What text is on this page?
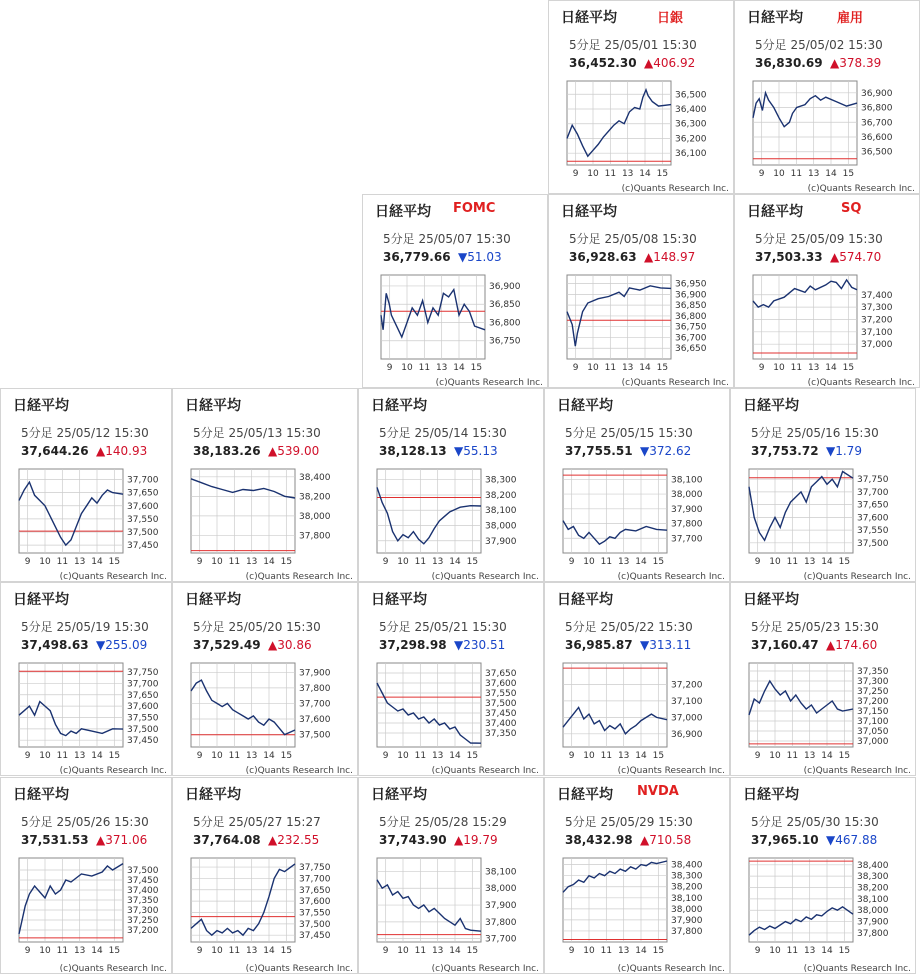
日経平均	日銀
5分足 25/05/01 15:30
36,452.30 ▲406.92
9 10 11 13 14 15
36,500
36,400
36,300
36,200
36,100
(c)Quants Research Inc.
日経平均	雇用
5分足 25/05/02 15:30
36,830.69 ▲378.39
9 10 11 13 14 15
36,900
36,800
36,700
36,600
36,500
(c)Quants Research Inc.
日経平均 FOMC
5分足 25/05/07 15:30
36,779.66 ▼51.03
9 10 11 13 14 15
36,900
36,850
36,800
36,750
(c)Quants Research Inc.
日経平均
5分足 25/05/08 15:30
36,928.63 ▲148.97
9 10 11 13 14 15
36,950
36,900
36,850
36,800
36,750
36,700
36,650
(c)Quants Research Inc.
日経平均	SQ
5分足 25/05/09 15:30
37,503.33 ▲574.70
9 10 11 13 14 15
37,400
37,300
37,200
37,100
37,000
(c)Quants Research Inc.
日経平均
5分足 25/05/12 15:30
37,644.26 ▲140.93
9 10 11 13 14 15
37,700
37,650
37,600
37,550
37,500
37,450
(c)Quants Research Inc.
日経平均
5分足 25/05/13 15:30
38,183.26 ▲539.00
9 10 11 13 14 15
38,400
38,200
38,000
37,800
(c)Quants Research Inc.
日経平均
5分足 25/05/14 15:30
38,128.13 ▼55.13
9 10 11 13 14 15
38,300
38,200
38,100
38,000
37,900
(c)Quants Research Inc.
日経平均
5分足 25/05/15 15:30
37,755.51 ▼372.62
9 10 11 13 14 15
38,100
38,000
37,900
37,800
37,700
(c)Quants Research Inc.
日経平均
5分足 25/05/16 15:30
37,753.72 ▼1.79
9 10 11 13 14 15
37,750
37,700
37,650
37,600
37,550
37,500
(c)Quants Research Inc.
日経平均
5分足 25/05/19 15:30
37,498.63 ▼255.09
9 10 11 13 14 15
37,750
37,700
37,650
37,600
37,550
37,500
37,450
(c)Quants Research Inc.
日経平均
5分足 25/05/20 15:30
37,529.49 ▲30.86
9 10 11 13 14 15
37,900
37,800
37,700
37,600
37,500
(c)Quants Research Inc.
日経平均
5分足 25/05/21 15:30
37,298.98 ▼230.51
9 10 11 13 14 15
37,650
37,600
37,550
37,500
37,450
37,400
37,350
(c)Quants Research Inc.
日経平均
5分足 25/05/22 15:30
36,985.87 ▼313.11
9 10 11 13 14 15
37,200
37,100
37,000
36,900
(c)Quants Research Inc.
日経平均
5分足 25/05/23 15:30
37,160.47 ▲174.60
9 10 11 13 14 15
37,350
37,300
37,250
37,200
37,150
37,100
37,050
37,000
(c)Quants Research Inc.
日経平均
5分足 25/05/26 15:30
37,531.53 ▲371.06
9 10 11 13 14 15
37,500
37,450
37,400
37,350
37,300
37,250
37,200
(c)Quants Research Inc.
日経平均
5分足 25/05/27 15:27
37,764.08 ▲232.55
9 10 11 13 14 15
37,750
37,700
37,650
37,600
37,550
37,500
37,450
(c)Quants Research Inc.
日経平均
5分足 25/05/28 15:29
37,743.90 ▲19.79
9 10 11 13 14 15
38,100
38,000
37,900
37,800
37,700
(c)Quants Research Inc.
日経平均 NVDA
5分足 25/05/29 15:30
38,432.98 ▲710.58
9 10 11 13 14 15
38,400
38,300
38,200
38,100
38,000
37,900
37,800
(c)Quants Research Inc.
日経平均
5分足 25/05/30 15:30
37,965.10 ▼467.88
9 10 11 13 14 15
38,400
38,300
38,200
38,100
38,000
37,900
37,800
(c)Quants Research Inc.
